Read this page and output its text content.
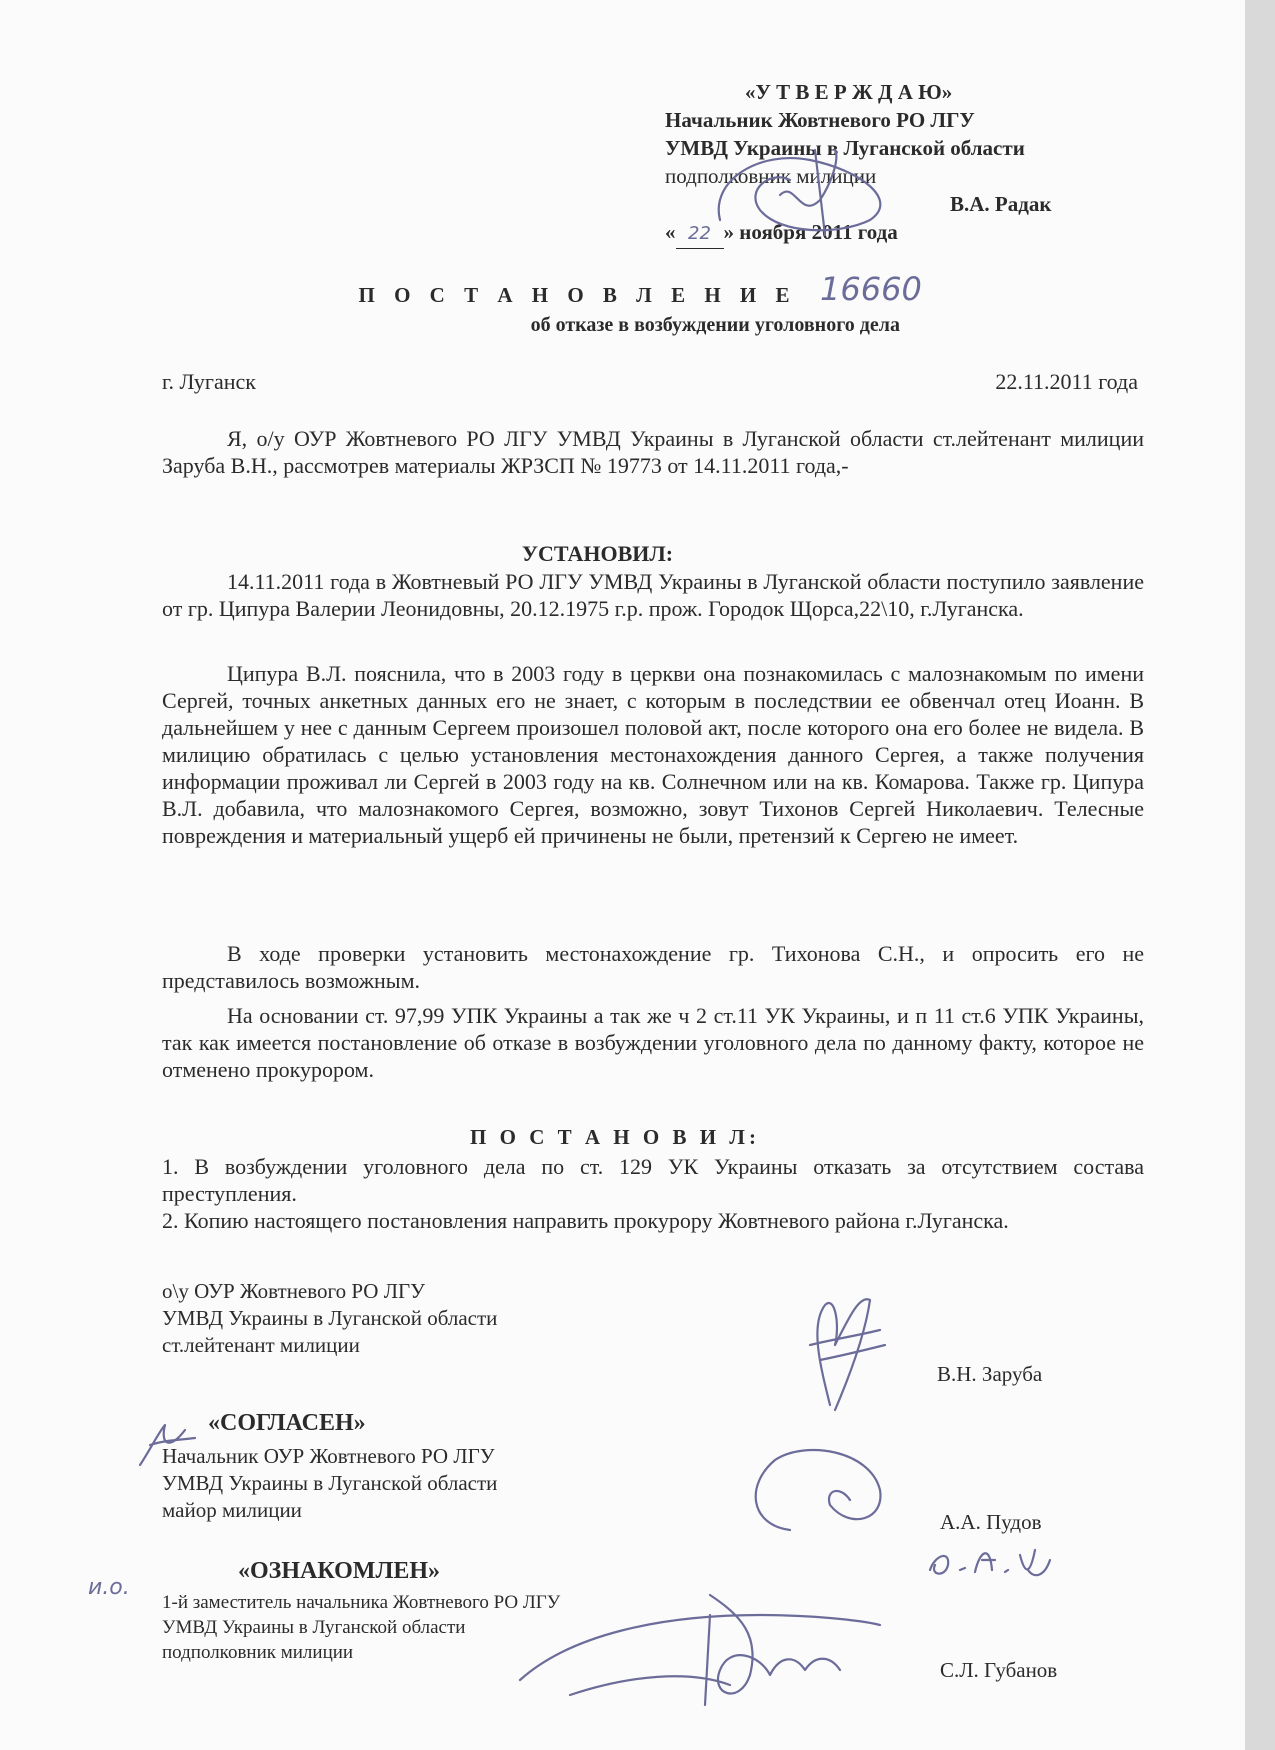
«У Т В Е Р Ж Д А Ю»
Начальник Жовтневого РО ЛГУ
УМВД Украины в Луганской области
подполковник милиции
В.А. Радак
« 22 » ноября 2011 года
П О С Т А Н О В Л Е Н И Е 16660
об отказе в возбуждении уголовного дела
г. Луганск	22.11.2011 года
Я, о/у ОУР Жовтневого РО ЛГУ УМВД Украины в Луганской области ст.лейтенант милиции Заруба В.Н., рассмотрев материалы ЖРЗСП № 19773 от 14.11.2011 года,-
УСТАНОВИЛ:
14.11.2011 года в Жовтневый РО ЛГУ УМВД Украины в Луганской области поступило заявление от гр. Ципура Валерии Леонидовны, 20.12.1975 г.р. прож. Городок Щорса,22\10, г.Луганска.
Ципура В.Л. пояснила, что в 2003 году в церкви она познакомилась с малознакомым по имени Сергей, точных анкетных данных его не знает, с которым в последствии ее обвенчал отец Иоанн. В дальнейшем у нее с данным Сергеем произошел половой акт, после которого она его более не видела. В милицию обратилась с целью установления местонахождения данного Сергея, а также получения информации проживал ли Сергей в 2003 году на кв. Солнечном или на кв. Комарова. Также гр. Ципура В.Л. добавила, что малознакомого Сергея, возможно, зовут Тихонов Сергей Николаевич. Телесные повреждения и материальный ущерб ей причинены не были, претензий к Сергею не имеет.
В ходе проверки установить местонахождение гр. Тихонова С.Н., и опросить его не представилось возможным.
На основании ст. 97,99 УПК Украины а так же ч 2 ст.11 УК Украины, и п 11 ст.6 УПК Украины, так как имеется постановление об отказе в возбуждении уголовного дела по данному факту, которое не отменено прокурором.
П О С Т А Н О В И Л:
1. В возбуждении уголовного дела по ст. 129 УК Украины отказать за отсутствием состава преступления.
2. Копию настоящего постановления направить прокурору Жовтневого района г.Луганска.
о\у ОУР Жовтневого РО ЛГУ
УМВД Украины в Луганской области
ст.лейтенант милиции
В.Н. Заруба
«СОГЛАСЕН»
Начальник ОУР Жовтневого РО ЛГУ
УМВД Украины в Луганской области
майор милиции	А.А. Пудов
«ОЗНАКОМЛЕН»
и.о.
1-й заместитель начальника Жовтневого РО ЛГУ
УМВД Украины в Луганской области
подполковник милиции
С.Л. Губанов
